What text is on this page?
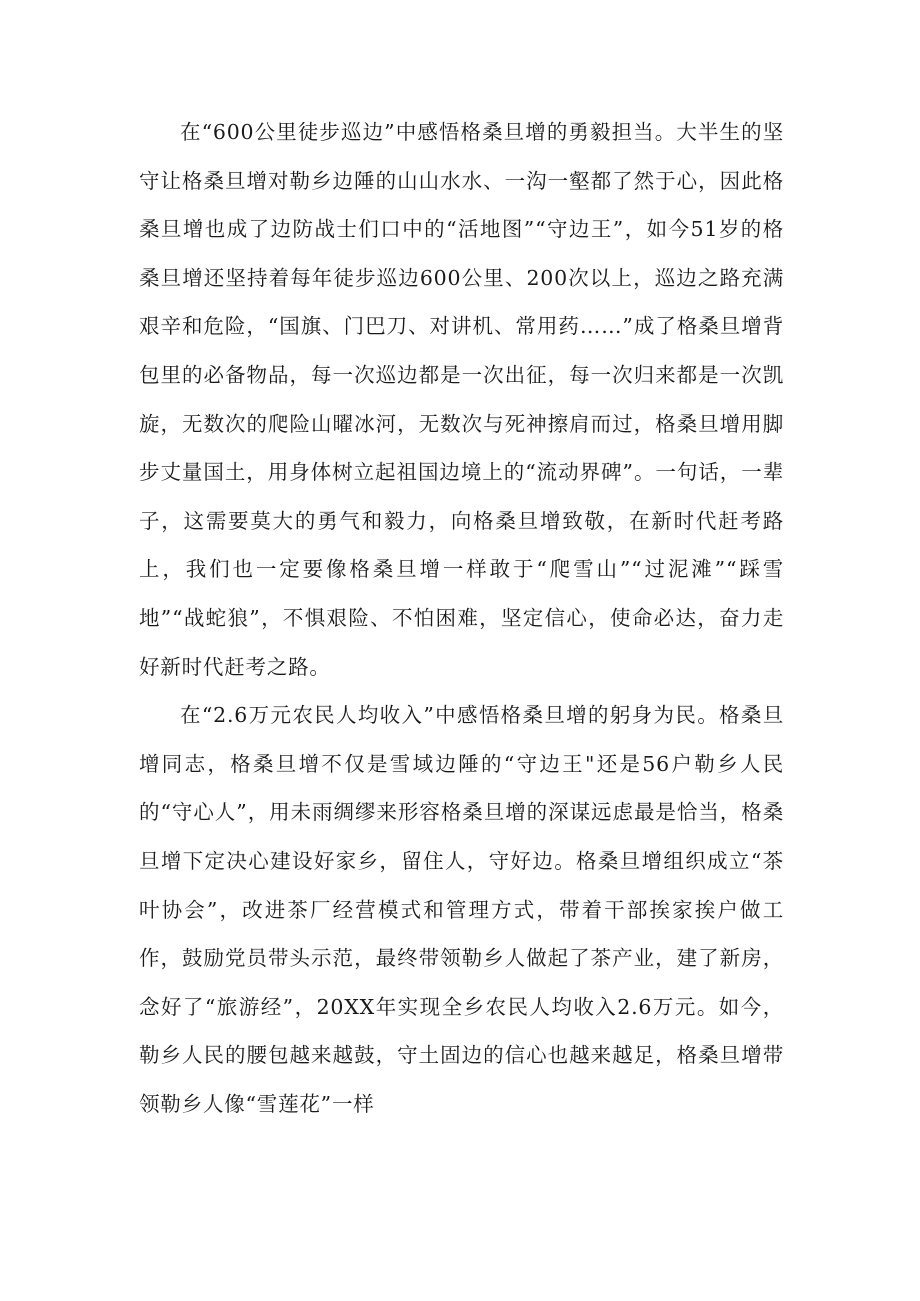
在“600公里徒步巡边”中感悟格桑旦增的勇毅担当。大半生的坚守让格桑旦增对勒乡边陲的山山水水、一沟一壑都了然于心，因此格桑旦增也成了边防战士们口中的“活地图”“守边王”，如今51岁的格桑旦增还坚持着每年徒步巡边600公里、200次以上，巡边之路充满艰辛和危险，“国旗、门巴刀、对讲机、常用药……”成了格桑旦增背包里的必备物品，每一次巡边都是一次出征，每一次归来都是一次凯旋，无数次的爬险山曜冰河，无数次与死神擦肩而过，格桑旦增用脚步丈量国土，用身体树立起祖国边境上的“流动界碑”。一句话，一辈子，这需要莫大的勇气和毅力，向格桑旦增致敬，在新时代赶考路上，我们也一定要像格桑旦增一样敢于“爬雪山”“过泥滩”“踩雪地”“战蛇狼”，不惧艰险、不怕困难，坚定信心，使命必达，奋力走好新时代赶考之路。

在“2.6万元农民人均收入”中感悟格桑旦增的躬身为民。格桑旦增同志，格桑旦增不仅是雪域边陲的“守边王"还是56户勒乡人民的“守心人”，用未雨绸缪来形容格桑旦增的深谋远虑最是恰当，格桑旦增下定决心建设好家乡，留住人，守好边。格桑旦增组织成立“茶叶协会”，改进茶厂经营模式和管理方式，带着干部挨家挨户做工作，鼓励党员带头示范，最终带领勒乡人做起了茶产业，建了新房，念好了“旅游经”，20XX年实现全乡农民人均收入2.6万元。如今，勒乡人民的腰包越来越鼓，守土固边的信心也越来越足，格桑旦增带领勒乡人像“雪莲花”一样
